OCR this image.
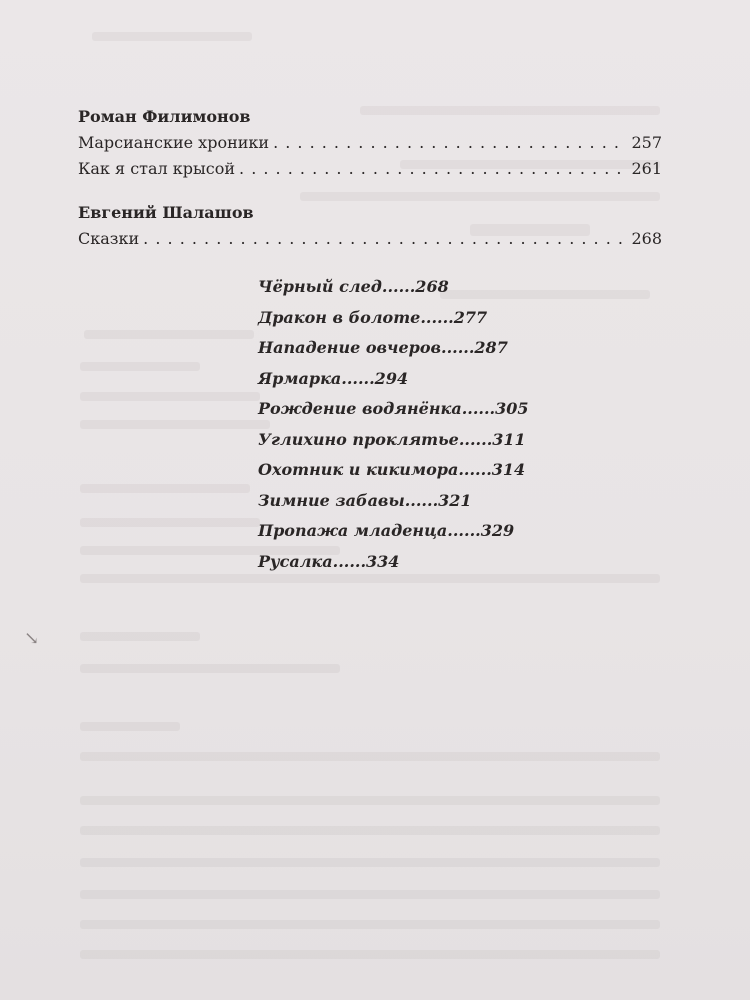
Роман Филимонов
Марсианские хроники . . .	257
Как я стал крысой . . .	261
Евгений Шалашов
Сказки . . .	268
Чёрный след......268
Дракон в болоте......277
Нападение овчеров......287
Ярмарка......294
Рождение водянёнка......305
Углихино проклятье......311
Охотник и кикимора......314
Зимние забавы......321
Пропажа младенца......329
Русалка......334
↘
